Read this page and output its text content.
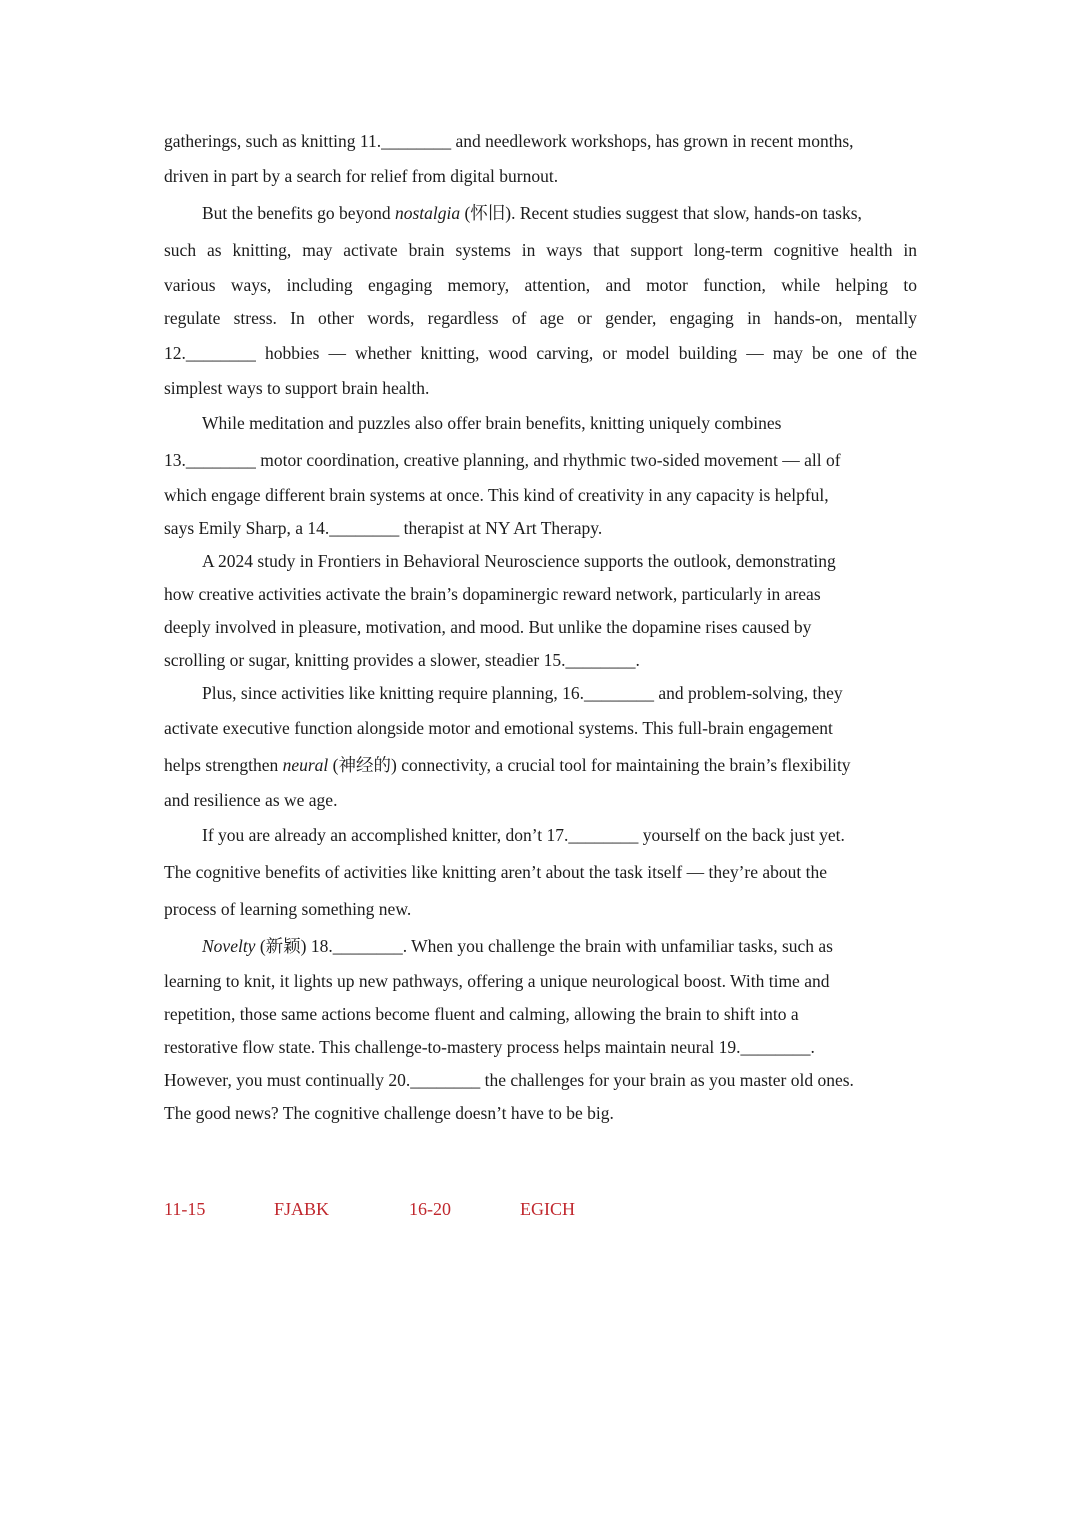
gatherings, such as knitting 11.________ and needlework workshops, has grown in recent months,
driven in part by a search for relief from digital burnout.
But the benefits go beyond nostalgia (怀旧). Recent studies suggest that slow, hands-on tasks,
such as knitting, may activate brain systems in ways that support long-term cognitive health in
various ways, including engaging memory, attention, and motor function, while helping to
regulate stress. In other words, regardless of age or gender, engaging in hands-on, mentally
12.________ hobbies — whether knitting, wood carving, or model building — may be one of the
simplest ways to support brain health.
While meditation and puzzles also offer brain benefits, knitting uniquely combines
13.________ motor coordination, creative planning, and rhythmic two-sided movement — all of
which engage different brain systems at once. This kind of creativity in any capacity is helpful,
says Emily Sharp, a 14.________ therapist at NY Art Therapy.
A 2024 study in Frontiers in Behavioral Neuroscience supports the outlook, demonstrating
how creative activities activate the brain’s dopaminergic reward network, particularly in areas
deeply involved in pleasure, motivation, and mood. But unlike the dopamine rises caused by
scrolling or sugar, knitting provides a slower, steadier 15.________.
Plus, since activities like knitting require planning, 16.________ and problem-solving, they
activate executive function alongside motor and emotional systems. This full-brain engagement
helps strengthen neural (神经的) connectivity, a crucial tool for maintaining the brain’s flexibility
and resilience as we age.
If you are already an accomplished knitter, don’t 17.________ yourself on the back just yet.
The cognitive benefits of activities like knitting aren’t about the task itself — they’re about the
process of learning something new.
Novelty (新颖) 18.________. When you challenge the brain with unfamiliar tasks, such as
learning to knit, it lights up new pathways, offering a unique neurological boost. With time and
repetition, those same actions become fluent and calming, allowing the brain to shift into a
restorative flow state. This challenge-to-mastery process helps maintain neural 19.________.
However, you must continually 20.________ the challenges for your brain as you master old ones.
The good news? The cognitive challenge doesn’t have to be big.
11-15	FJABK	16-20	EGICH
